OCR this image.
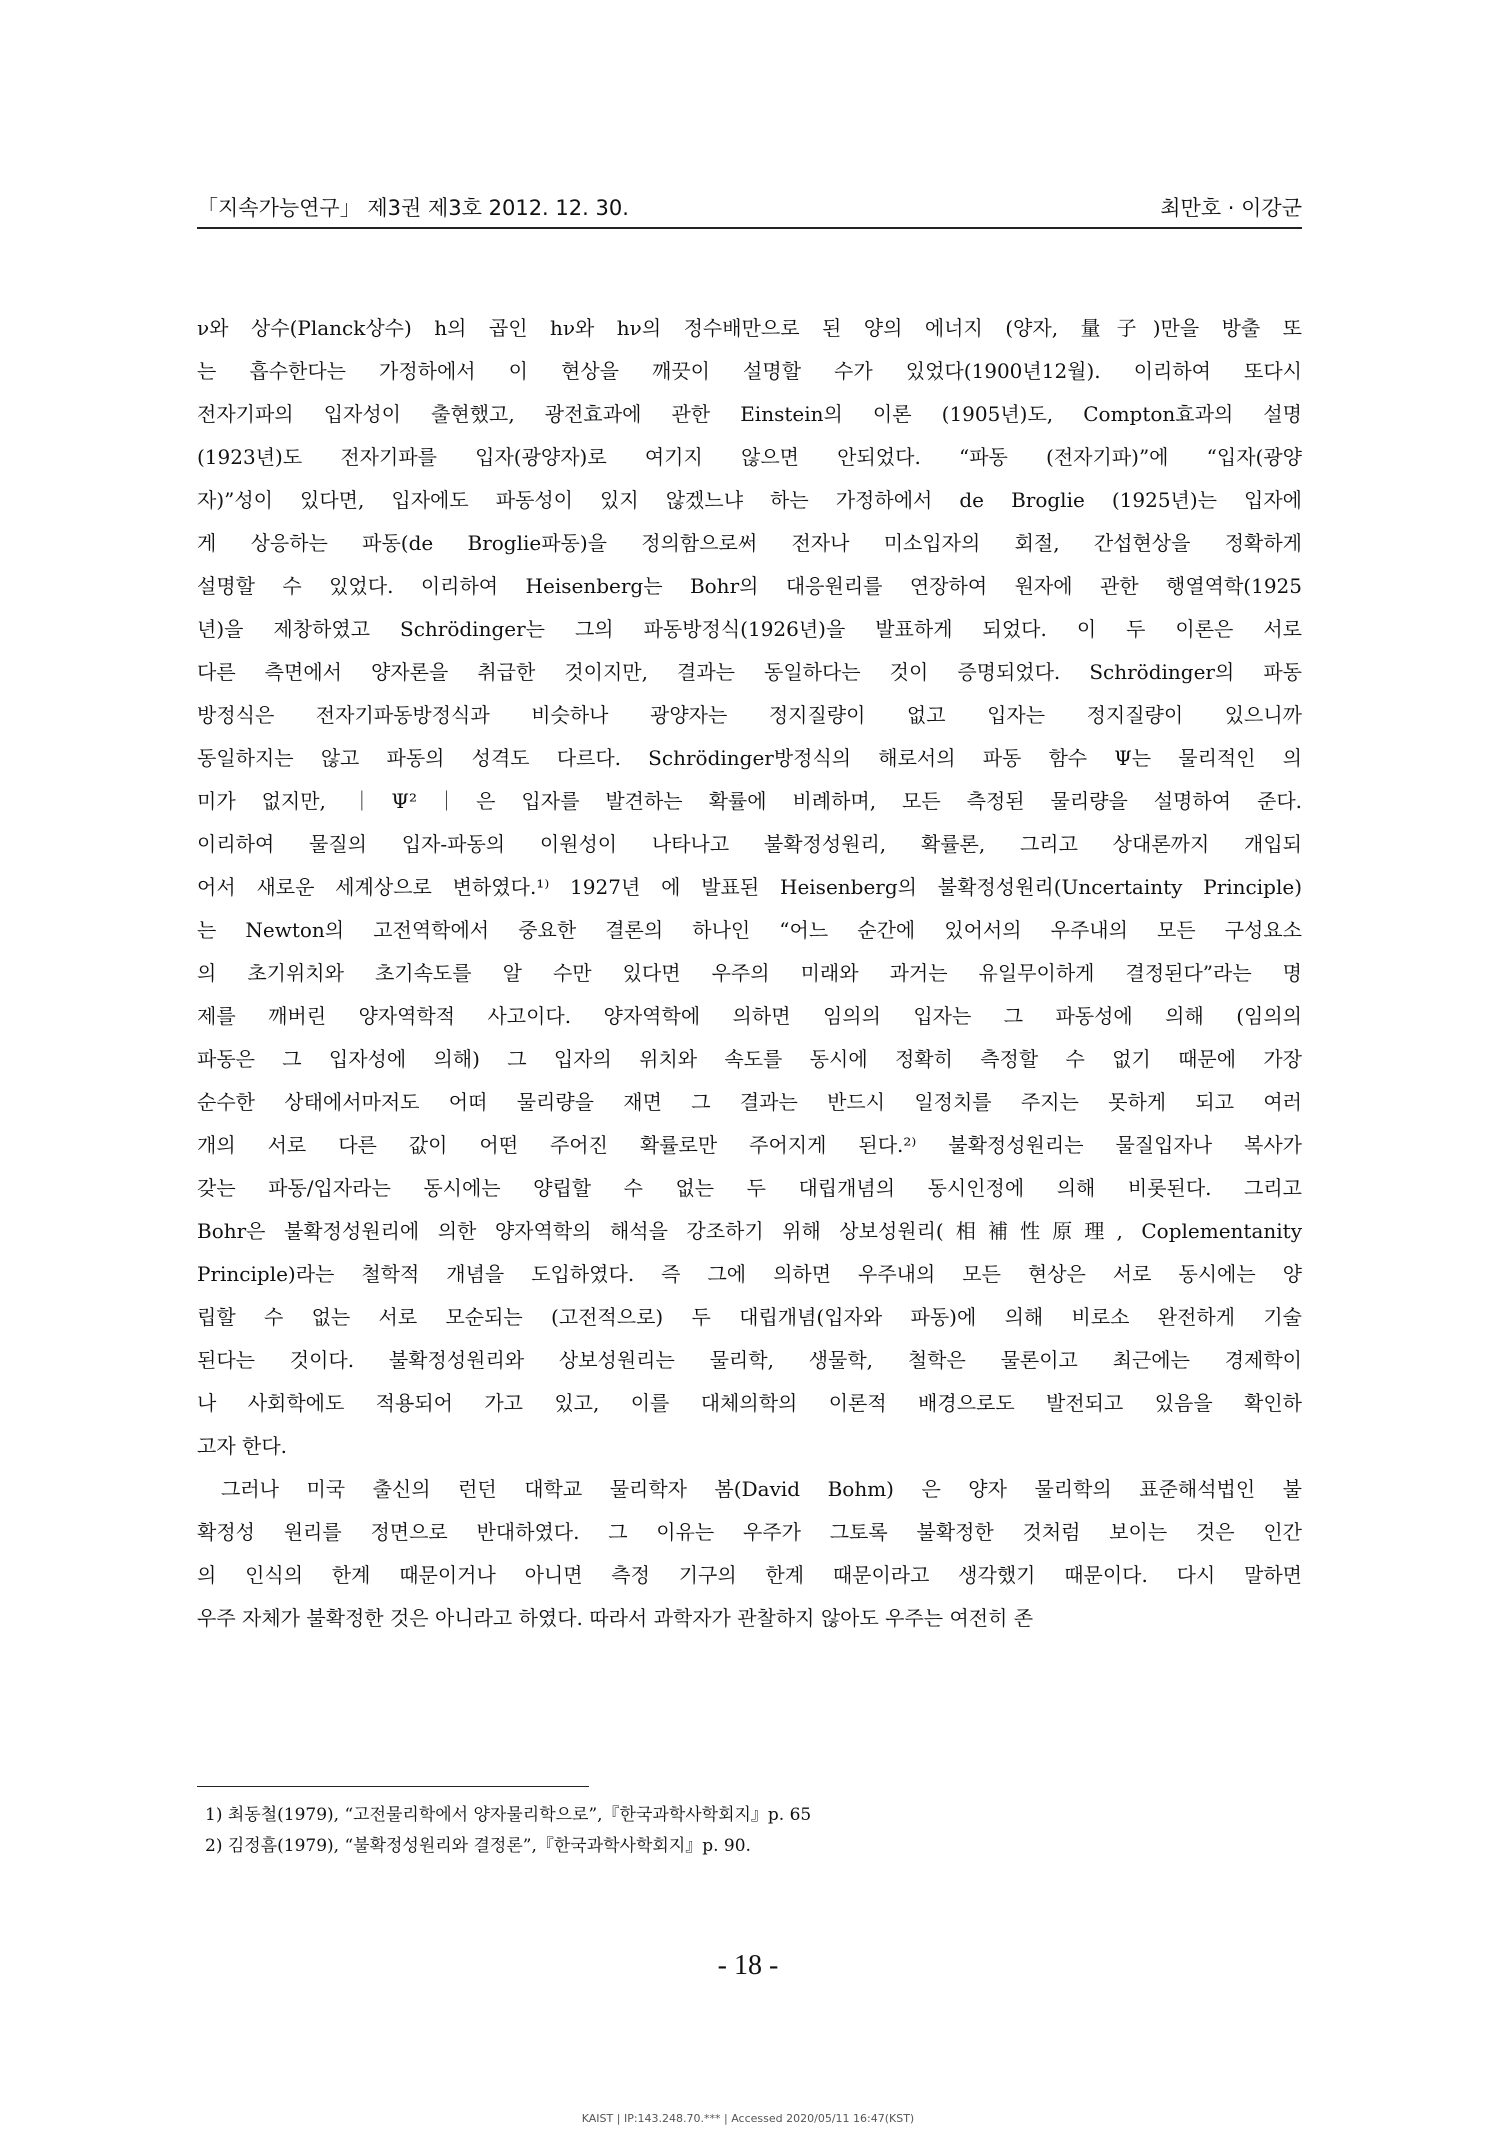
「지속가능연구」 제3권 제3호 2012. 12. 30.	최만호 · 이강군
ν와 상수(Planck상수) h의 곱인 hν와 hν의 정수배만으로 된 양의 에너지 (양자, 量子)만을 방출 또
는 흡수한다는 가정하에서 이 현상을 깨끗이 설명할 수가 있었다(1900년12월). 이리하여 또다시
전자기파의 입자성이 출현했고, 광전효과에 관한 Einstein의 이론 (1905년)도, Compton효과의 설명
(1923년)도 전자기파를 입자(광양자)로 여기지 않으면 안되었다. “파동 (전자기파)”에 “입자(광양
자)”성이 있다면, 입자에도 파동성이 있지 않겠느냐 하는 가정하에서 de Broglie (1925년)는 입자에
게 상응하는 파동(de Broglie파동)을 정의함으로써 전자나 미소입자의 회절, 간섭현상을 정확하게
설명할 수 있었다. 이리하여 Heisenberg는 Bohr의 대응원리를 연장하여 원자에 관한 행열역학(1925
년)을 제창하였고 Schrödinger는 그의 파동방정식(1926년)을 발표하게 되었다. 이 두 이론은 서로
다른 측면에서 양자론을 취급한 것이지만, 결과는 동일하다는 것이 증명되었다. Schrödinger의 파동
방정식은 전자기파동방정식과 비슷하나 광양자는 정지질량이 없고 입자는 정지질량이 있으니까
동일하지는 않고 파동의 성격도 다르다. Schrödinger방정식의 해로서의 파동 함수 Ψ는 물리적인 의
미가 없지만, ｜Ψ²｜은 입자를 발견하는 확률에 비례하며, 모든 측정된 물리량을 설명하여 준다.
이리하여 물질의 입자-파동의 이원성이 나타나고 불확정성원리, 확률론, 그리고 상대론까지 개입되
어서 새로운 세계상으로 변하였다.¹⁾ 1927년 에 발표된 Heisenberg의 불확정성원리(Uncertainty Principle)
는 Newton의 고전역학에서 중요한 결론의 하나인 “어느 순간에 있어서의 우주내의 모든 구성요소
의 초기위치와 초기속도를 알 수만 있다면 우주의 미래와 과거는 유일무이하게 결정된다”라는 명
제를 깨버린 양자역학적 사고이다. 양자역학에 의하면 임의의 입자는 그 파동성에 의해 (임의의
파동은 그 입자성에 의해) 그 입자의 위치와 속도를 동시에 정확히 측정할 수 없기 때문에 가장
순수한 상태에서마저도 어떠 물리량을 재면 그 결과는 반드시 일정치를 주지는 못하게 되고 여러
개의 서로 다른 값이 어떤 주어진 확률로만 주어지게 된다.²⁾ 불확정성원리는 물질입자나 복사가
갖는 파동/입자라는 동시에는 양립할 수 없는 두 대립개념의 동시인정에 의해 비롯된다. 그리고
Bohr은 불확정성원리에 의한 양자역학의 해석을 강조하기 위해 상보성원리(相補性原理, Coplementanity
Principle)라는 철학적 개념을 도입하였다. 즉 그에 의하면 우주내의 모든 현상은 서로 동시에는 양
립할 수 없는 서로 모순되는 (고전적으로) 두 대립개념(입자와 파동)에 의해 비로소 완전하게 기술
된다는 것이다. 불확정성원리와 상보성원리는 물리학, 생물학, 철학은 물론이고 최근에는 경제학이
나 사회학에도 적용되어 가고 있고, 이를 대체의학의 이론적 배경으로도 발전되고 있음을 확인하
고자 한다.
그러나 미국 출신의 런던 대학교 물리학자 봄(David Bohm) 은 양자 물리학의 표준해석법인 불
확정성 원리를 정면으로 반대하였다. 그 이유는 우주가 그토록 불확정한 것처럼 보이는 것은 인간
의 인식의 한계 때문이거나 아니면 측정 기구의 한계 때문이라고 생각했기 때문이다. 다시 말하면
우주 자체가 불확정한 것은 아니라고 하였다. 따라서 과학자가 관찰하지 않아도 우주는 여전히 존
1) 최동철(1979), “고전물리학에서 양자물리학으로”,『한국과학사학회지』p. 65
2) 김정흠(1979), “불확정성원리와 결정론”,『한국과학사학회지』p. 90.
- 18 -
KAIST | IP:143.248.70.*** | Accessed 2020/05/11 16:47(KST)
